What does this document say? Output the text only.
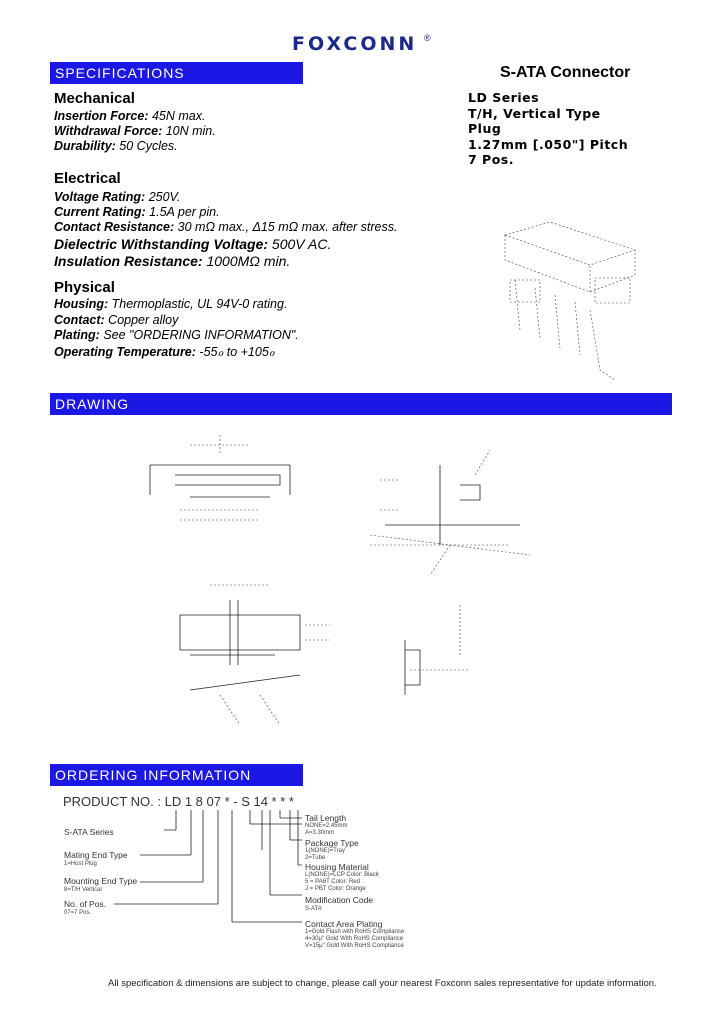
FOXCONN ®
SPECIFICATIONS	S-ATA Connector
LD Series
T/H, Vertical Type
Plug
1.27mm [.050"] Pitch
7 Pos.
Mechanical
Insertion Force: 45N max.
Withdrawal Force: 10N min.
Durability: 50 Cycles.
Electrical
Voltage Rating: 250V.
Current Rating: 1.5A per pin.
Contact Resistance: 30 mΩ max., Δ15 mΩ max. after stress.
Dielectric Withstanding Voltage: 500V AC.
Insulation Resistance: 1000MΩ min.
Physical
Housing: Thermoplastic, UL 94V-0 rating.
Contact: Copper alloy
Plating: See "ORDERING INFORMATION".
Operating Temperature: -55ℴ to +105ℴ
DRAWING
ORDERING INFORMATION
PRODUCT NO. : LD 1 8 07 * - S 14 * * *
S-ATA Series
Mating End Type
1=Host Plug
Mounting End Type
8=T/H Vertical
No. of Pos.
07=7 Pos.
Tail Length
NONE=2.45mm
A=3.30mm
Package Type
1(NONE)=Tray
2=Tube
Housing Material
L(NONE)=LCP Color: Black
5 = PA6T Color: Red
J = PBT Color: Orange
Modification Code
S-ATA
Contact Area Plating
1=Gold Flash with RoHS Compliance
4=30μ" Gold With RoHS Compliance
V=15μ" Gold With RoHS Compliance
All specification & dimensions are subject to change, please call your nearest Foxconn sales representative for update information.
